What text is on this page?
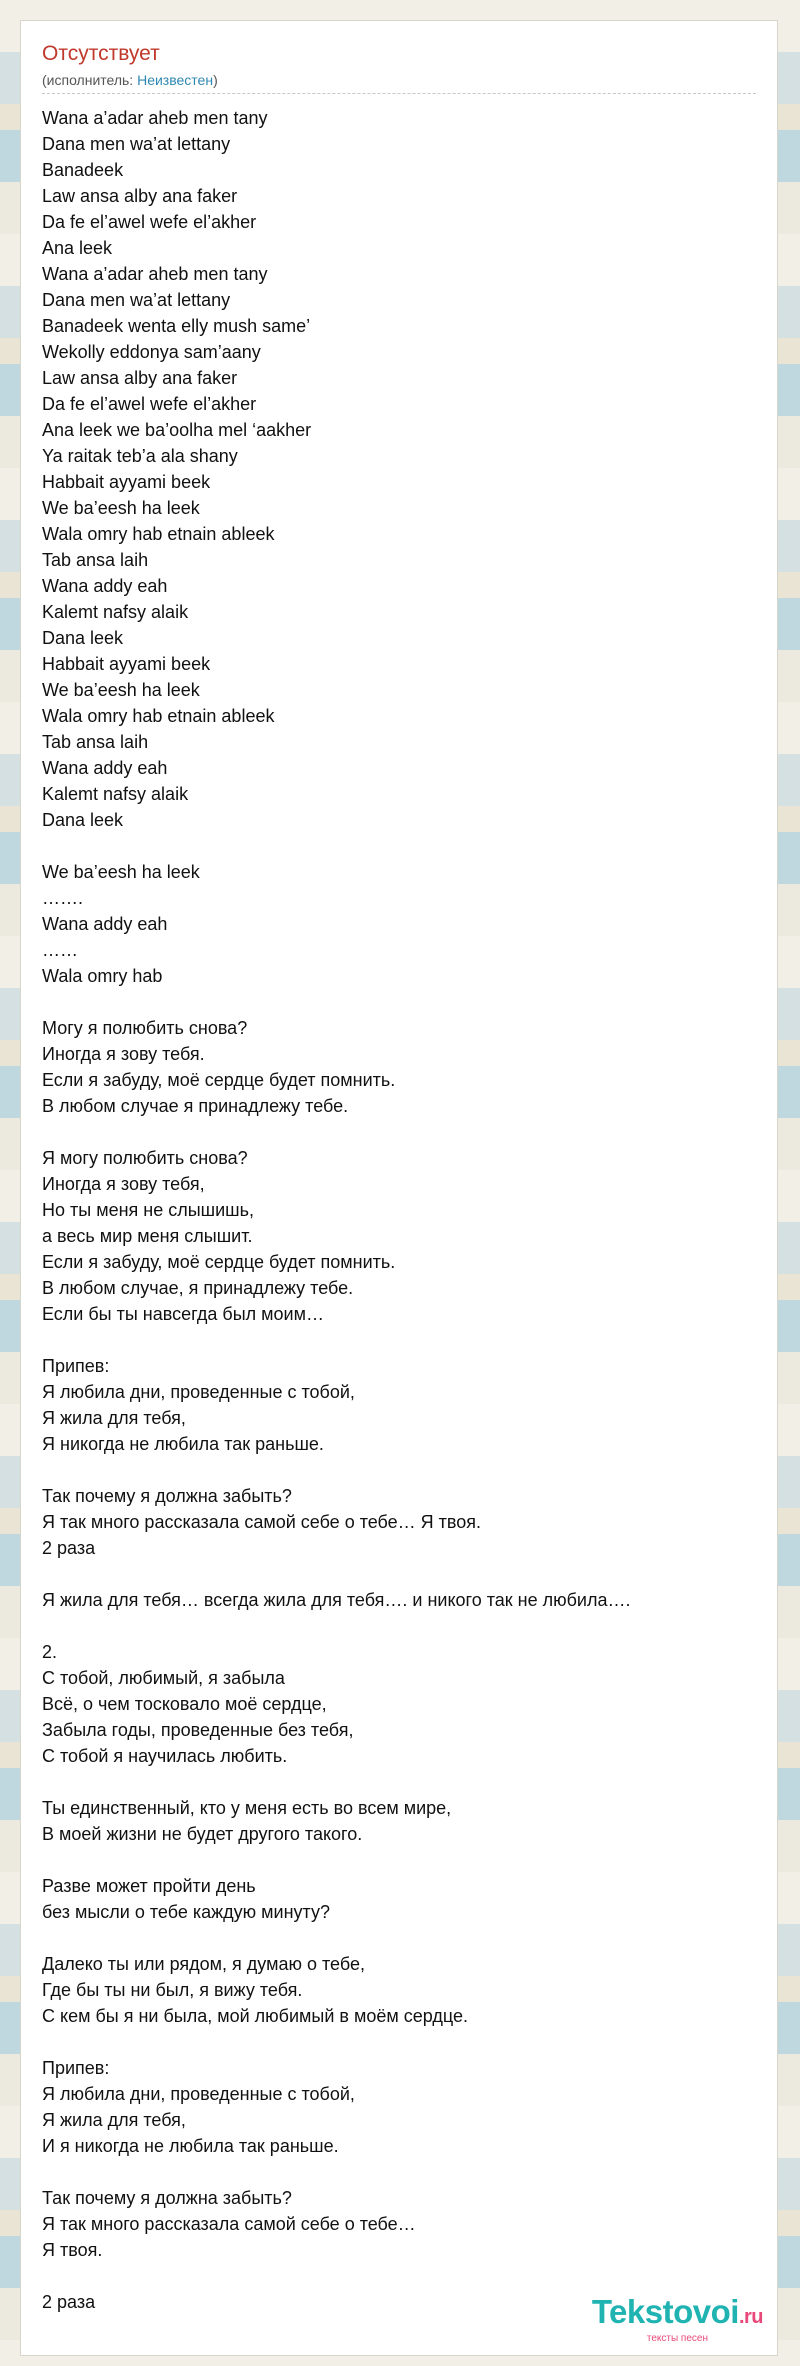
Отсутствует
(исполнитель: Неизвестен)
Wana a’adar aheb men tany
Dana men wa’at lettany
Banadeek
Law ansa alby ana faker
Da fe el’awel wefe el’akher
Ana leek
Wana a’adar aheb men tany
Dana men wa’at lettany
Banadeek wenta elly mush same’
Wekolly eddonya sam’aany
Law ansa alby ana faker
Da fe el’awel wefe el’akher
Ana leek we ba’oolha mel ‘aakher
Ya raitak teb’a ala shany
Habbait ayyami beek
We ba’eesh ha leek
Wala omry hab etnain ableek
Tab ansa laih
Wana addy eah
Kalemt nafsy alaik
Dana leek
Habbait ayyami beek
We ba’eesh ha leek
Wala omry hab etnain ableek
Tab ansa laih
Wana addy eah
Kalemt nafsy alaik
Dana leek
We ba’eesh ha leek
…….
Wana addy eah
……
Wala omry hab
Могу я полюбить снова?
Иногда я зову тебя.
Если я забуду, моё сердце будет помнить.
В любом случае я принадлежу тебе.
Я могу полюбить снова?
Иногда я зову тебя,
Но ты меня не слышишь,
а весь мир меня слышит.
Если я забуду, моё сердце будет помнить.
В любом случае, я принадлежу тебе.
Если бы ты навсегда был моим…
Припев:
Я любила дни, проведенные с тобой,
Я жила для тебя,
Я никогда не любила так раньше.
Так почему я должна забыть?
Я так много рассказала самой себе о тебе… Я твоя.
2 раза
Я жила для тебя… всегда жила для тебя…. и никого так не любила….
2.
С тобой, любимый, я забыла
Всё, о чем тосковало моё сердце,
Забыла годы, проведенные без тебя,
С тобой я научилась любить.
Ты единственный, кто у меня есть во всем мире,
В моей жизни не будет другого такого.
Разве может пройти день
без мысли о тебе каждую минуту?
Далеко ты или рядом, я думаю о тебе,
Где бы ты ни был, я вижу тебя.
С кем бы я ни была, мой любимый в моём сердце.
Припев:
Я любила дни, проведенные с тобой,
Я жила для тебя,
И я никогда не любила так раньше.
Так почему я должна забыть?
Я так много рассказала самой себе о тебе…
Я твоя.
2 раза	Tekstovoi.ru
тексты песен
